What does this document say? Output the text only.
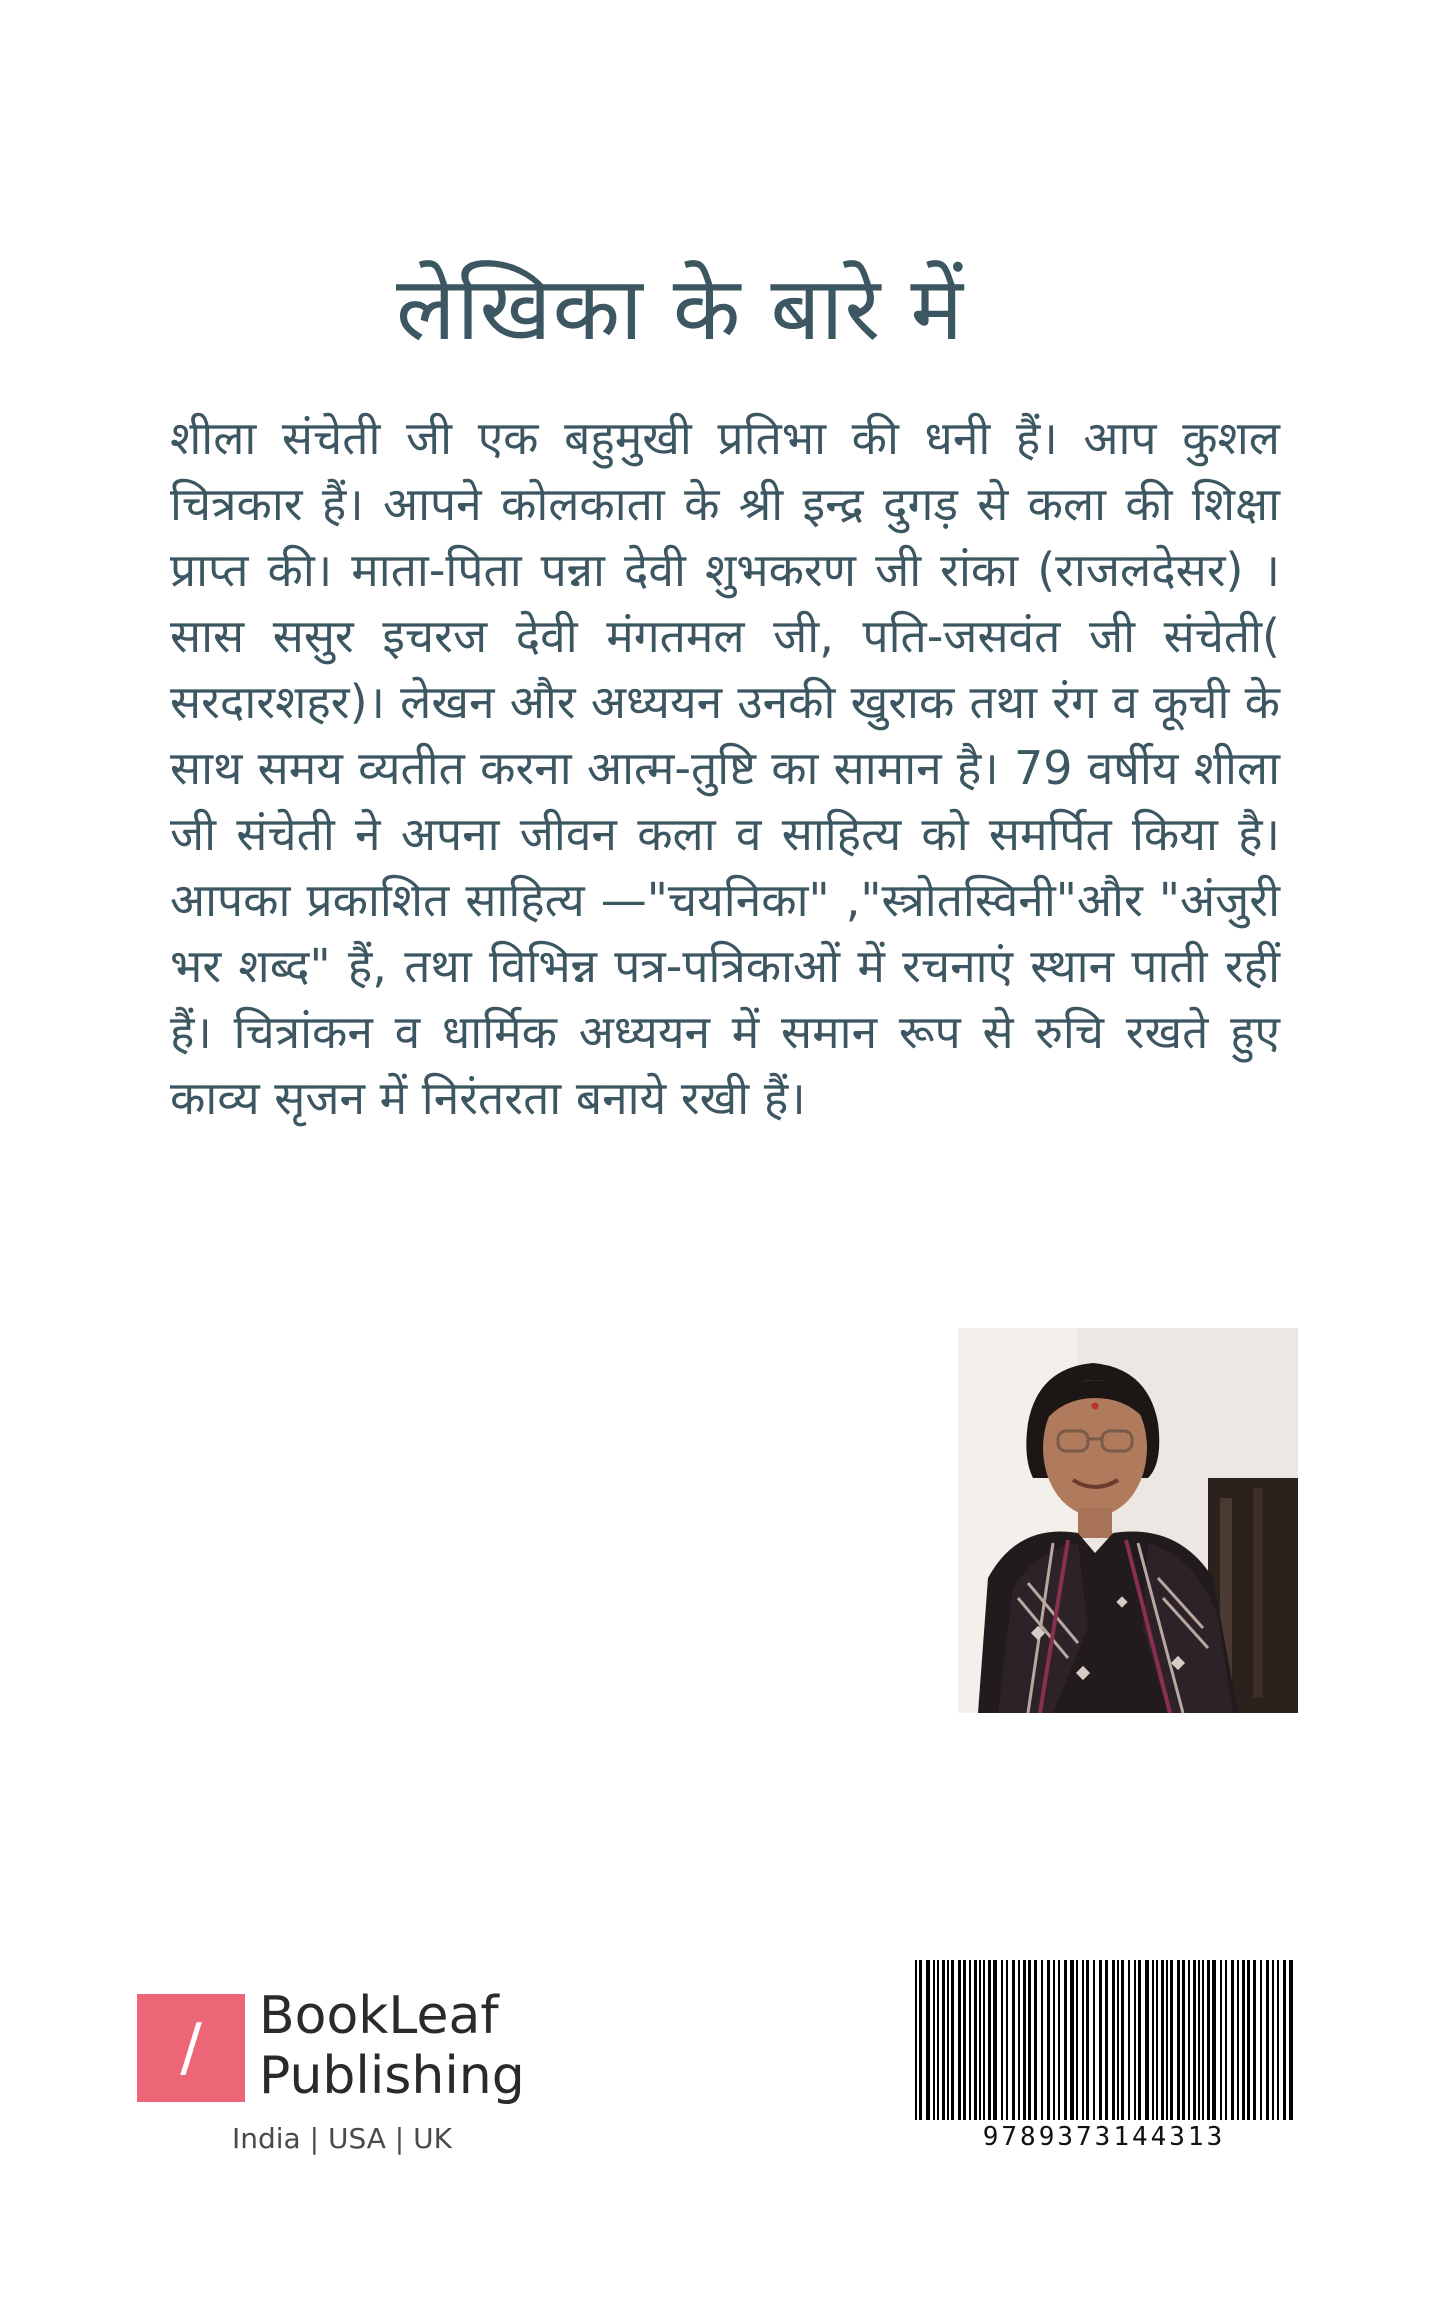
लेखिका के बारे में

शीला संचेती जी एक बहुमुखी प्रतिभा की धनी हैं। आप कुशल चित्रकार हैं। आपने कोलकाता के श्री इन्द्र दुगड़ से कला की शिक्षा प्राप्त की। माता-पिता पन्ना देवी शुभकरण जी रांका (राजलदेसर) । सास ससुर इचरज देवी मंगतमल जी, पति-जसवंत जी संचेती( सरदारशहर)। लेखन और अध्ययन उनकी खुराक तथा रंग व कूची के साथ समय व्यतीत करना आत्म-तुष्टि का सामान है। 79 वर्षीय शीला जी संचेती ने अपना जीवन कला व साहित्य को समर्पित किया है। आपका प्रकाशित साहित्य —"चयनिका" ,"स्त्रोतस्विनी"और "अंजुरी भर शब्द" हैं, तथा विभिन्न पत्र-पत्रिकाओं में रचनाएं स्थान पाती रहीं हैं। चित्रांकन व धार्मिक अध्ययन में समान रूप से रुचि रखते हुए काव्य सृजन में निरंतरता बनाये रखी हैं।

/	BookLeaf
Publishing
India | USA | UK	9789373144313
